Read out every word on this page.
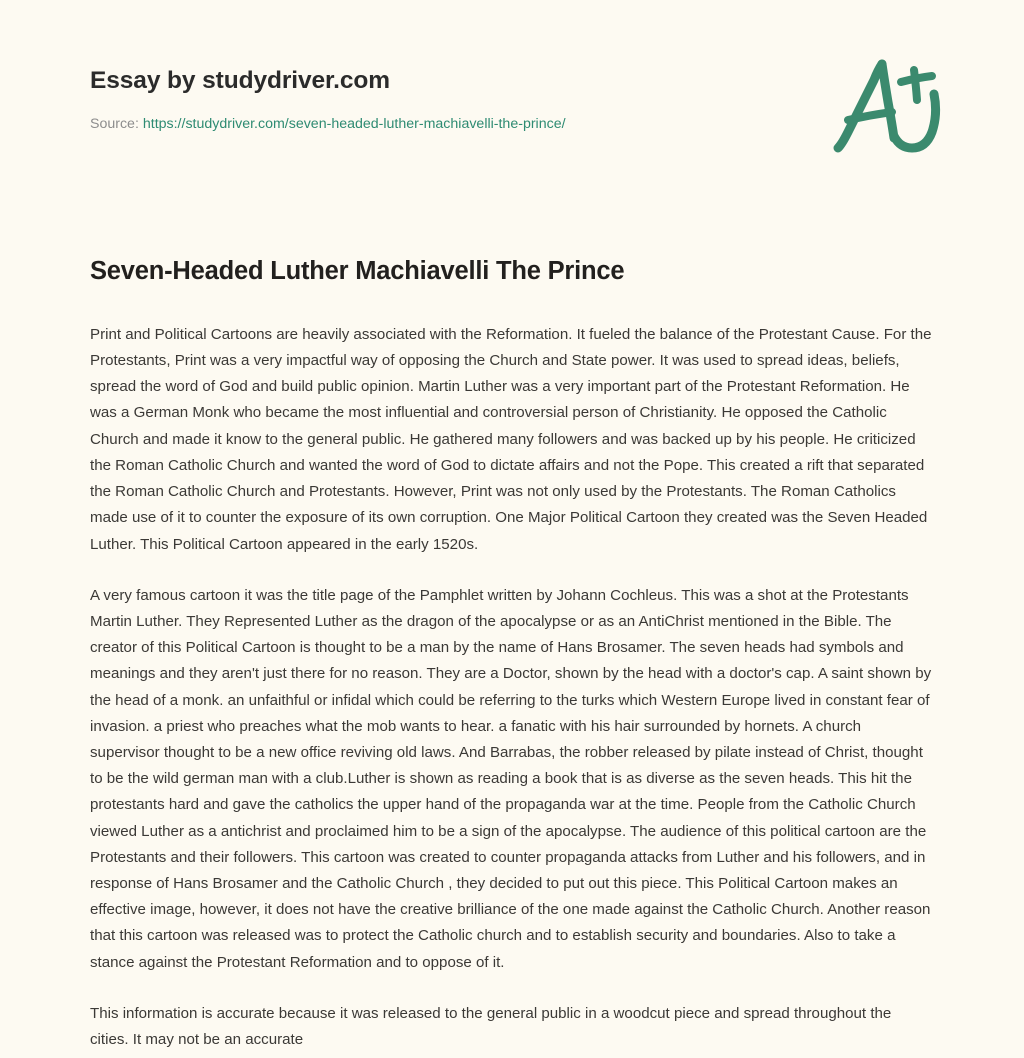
Essay by studydriver.com
Source: https://studydriver.com/seven-headed-luther-machiavelli-the-prince/
Seven-Headed Luther Machiavelli The Prince

Print and Political Cartoons are heavily associated with the Reformation. It fueled the balance of the Protestant Cause. For the Protestants, Print was a very impactful way of opposing the Church and State power. It was used to spread ideas, beliefs, spread the word of God and build public opinion. Martin Luther was a very important part of the Protestant Reformation. He was a German Monk who became the most influential and controversial person of Christianity. He opposed the Catholic Church and made it know to the general public. He gathered many followers and was backed up by his people. He criticized the Roman Catholic Church and wanted the word of God to dictate affairs and not the Pope. This created a rift that separated the Roman Catholic Church and Protestants. However, Print was not only used by the Protestants. The Roman Catholics made use of it to counter the exposure of its own corruption. One Major Political Cartoon they created was the Seven Headed Luther. This Political Cartoon appeared in the early 1520s.

A very famous cartoon it was the title page of the Pamphlet written by Johann Cochleus. This was a shot at the Protestants Martin Luther. They Represented Luther as the dragon of the apocalypse or as an AntiChrist mentioned in the Bible. The creator of this Political Cartoon is thought to be a man by the name of Hans Brosamer. The seven heads had symbols and meanings and they aren't just there for no reason. They are a Doctor, shown by the head with a doctor's cap. A saint shown by the head of a monk. an unfaithful or infidal which could be referring to the turks which Western Europe lived in constant fear of invasion. a priest who preaches what the mob wants to hear. a fanatic with his hair surrounded by hornets. A church supervisor thought to be a new office reviving old laws. And Barrabas, the robber released by pilate instead of Christ, thought to be the wild german man with a club.Luther is shown as reading a book that is as diverse as the seven heads. This hit the protestants hard and gave the catholics the upper hand of the propaganda war at the time. People from the Catholic Church viewed Luther as a antichrist and proclaimed him to be a sign of the apocalypse. The audience of this political cartoon are the Protestants and their followers. This cartoon was created to counter propaganda attacks from Luther and his followers, and in response of Hans Brosamer and the Catholic Church , they decided to put out this piece. This Political Cartoon makes an effective image, however, it does not have the creative brilliance of the one made against the Catholic Church. Another reason that this cartoon was released was to protect the Catholic church and to establish security and boundaries. Also to take a stance against the Protestant Reformation and to oppose of it.

This information is accurate because it was released to the general public in a woodcut piece and spread throughout the cities. It may not be an accurate
